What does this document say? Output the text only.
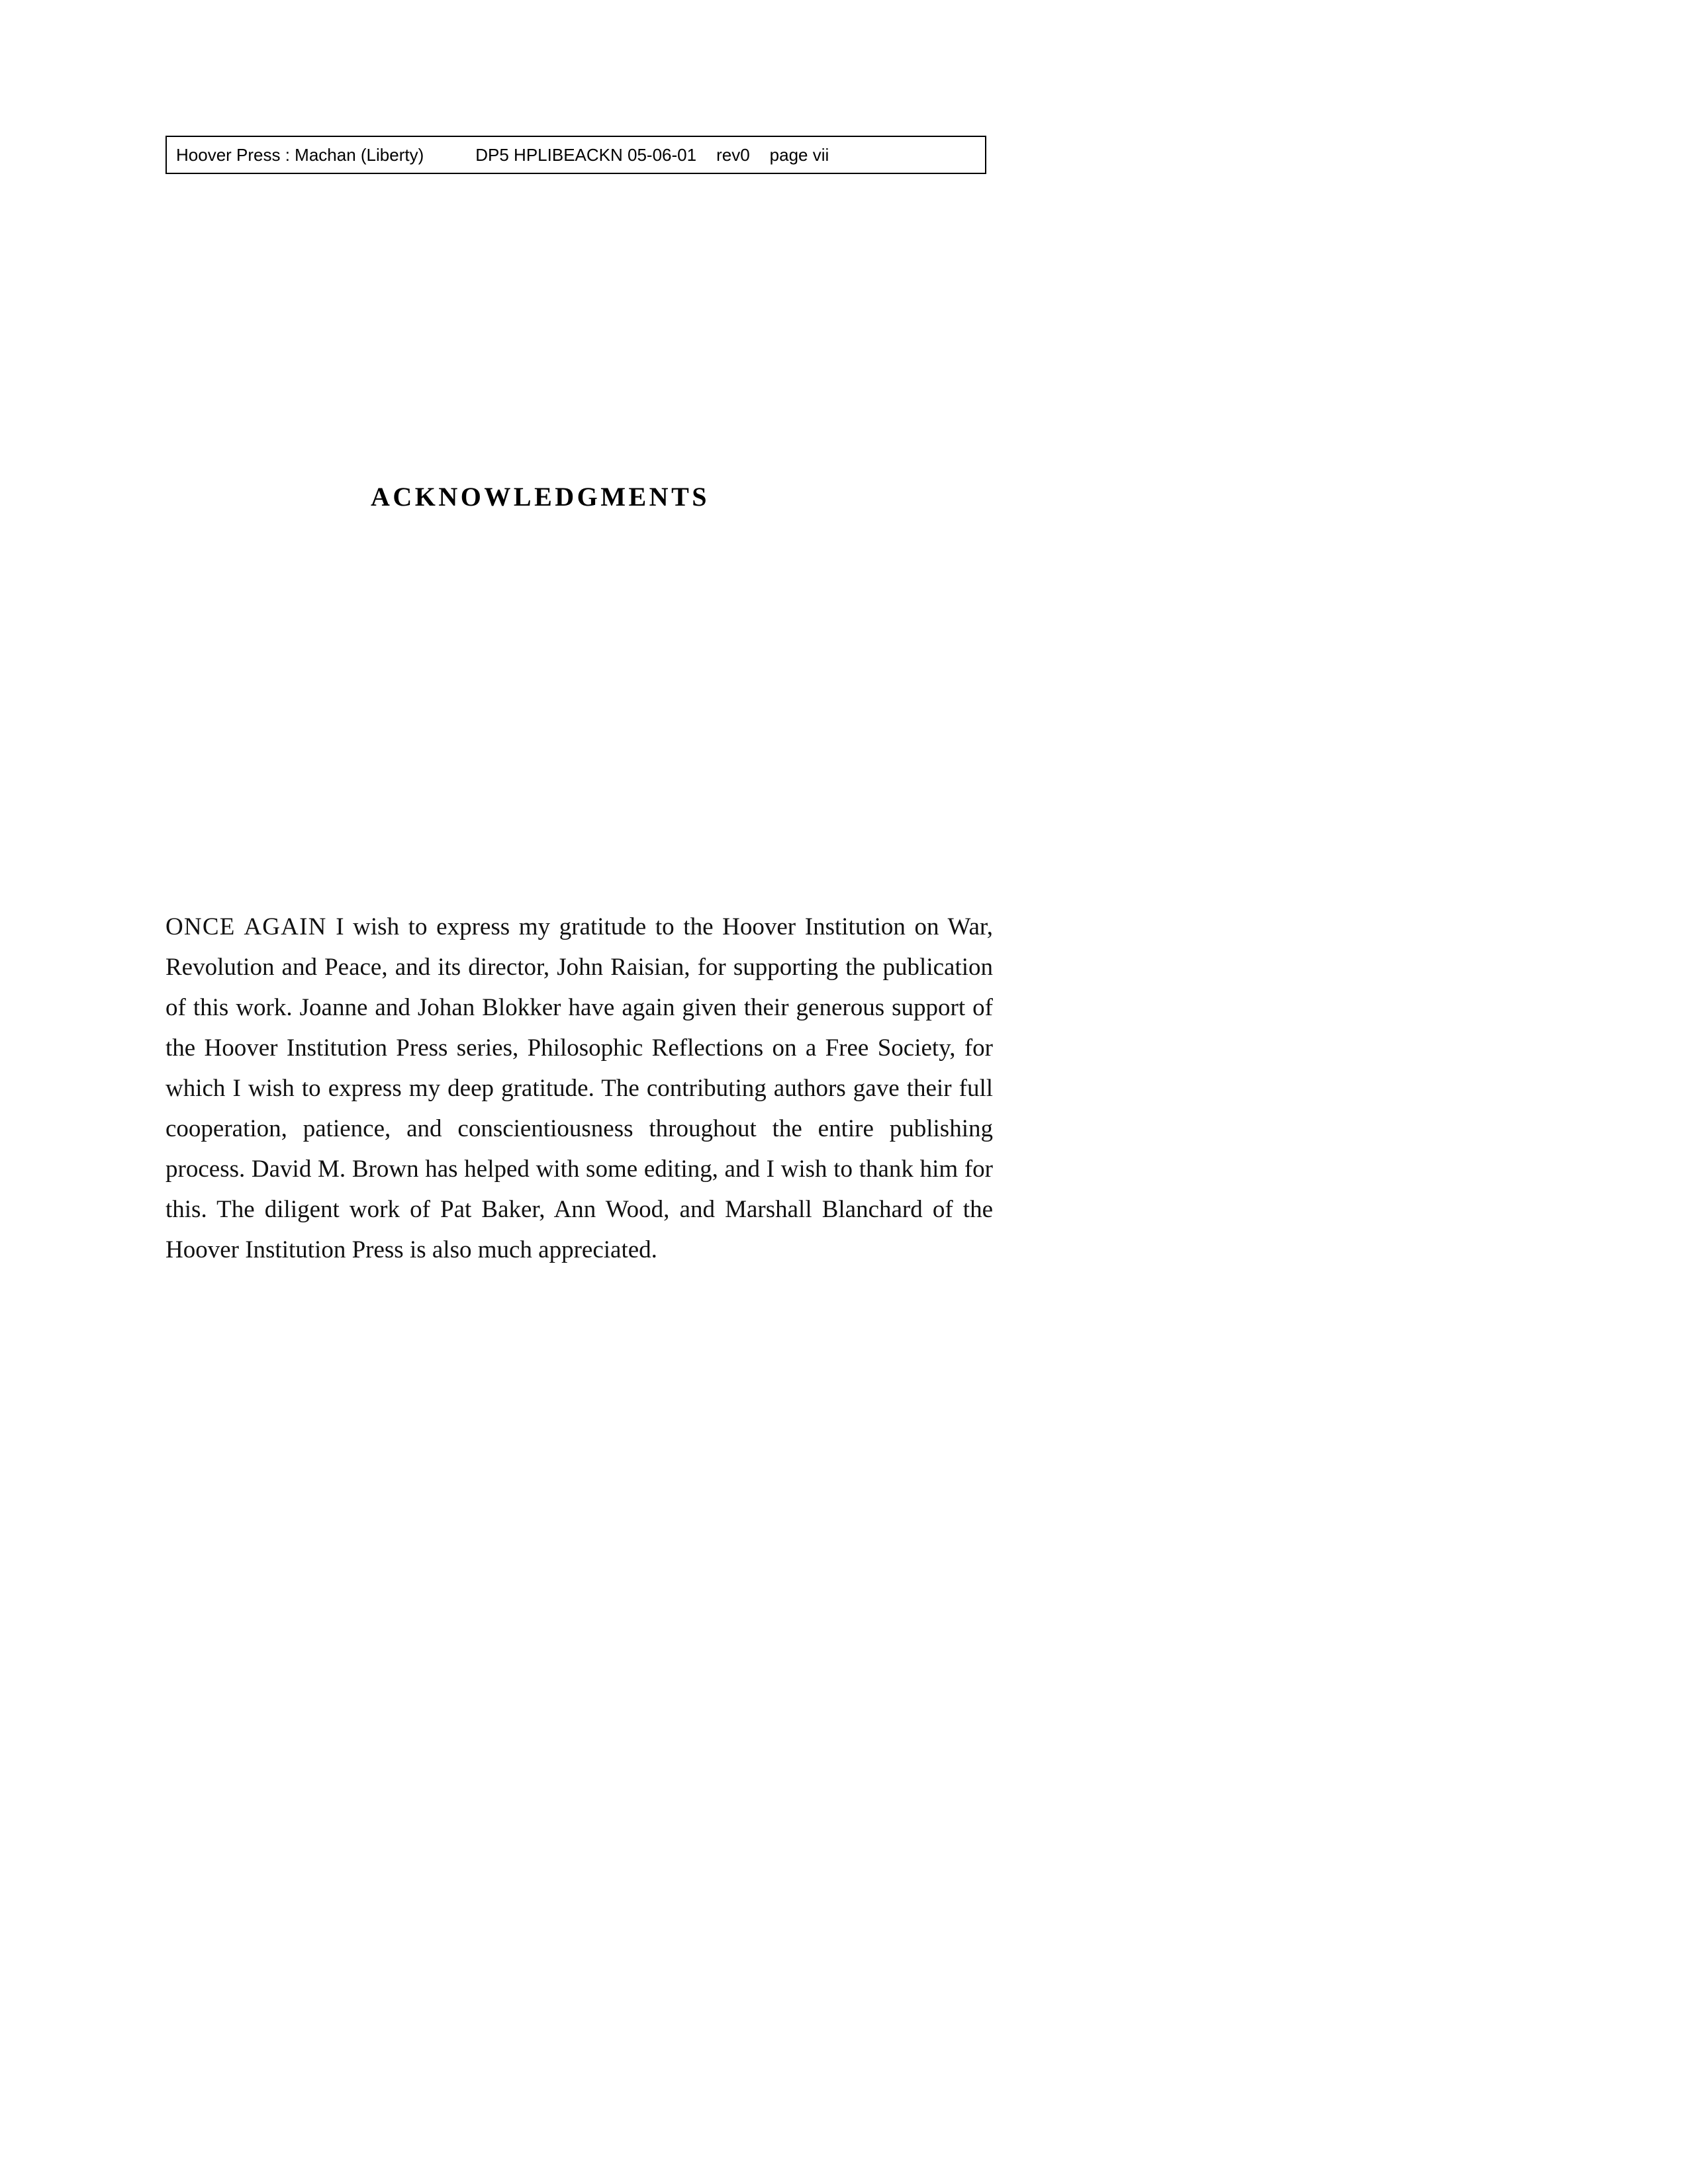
Hoover Press : Machan (Liberty)	DP5 HPLIBEACKN 05-06-01	rev0	page vii
ACKNOWLEDGMENTS

ONCE AGAIN I wish to express my gratitude to the Hoover Institution on War, Revolution and Peace, and its director, John Raisian, for supporting the publication of this work. Joanne and Johan Blokker have again given their generous support of the Hoover Institution Press series, Philosophic Reflections on a Free Society, for which I wish to express my deep gratitude. The contributing authors gave their full cooperation, patience, and conscientiousness throughout the entire publishing process. David M. Brown has helped with some editing, and I wish to thank him for this. The diligent work of Pat Baker, Ann Wood, and Marshall Blanchard of the Hoover Institution Press is also much appreciated.
